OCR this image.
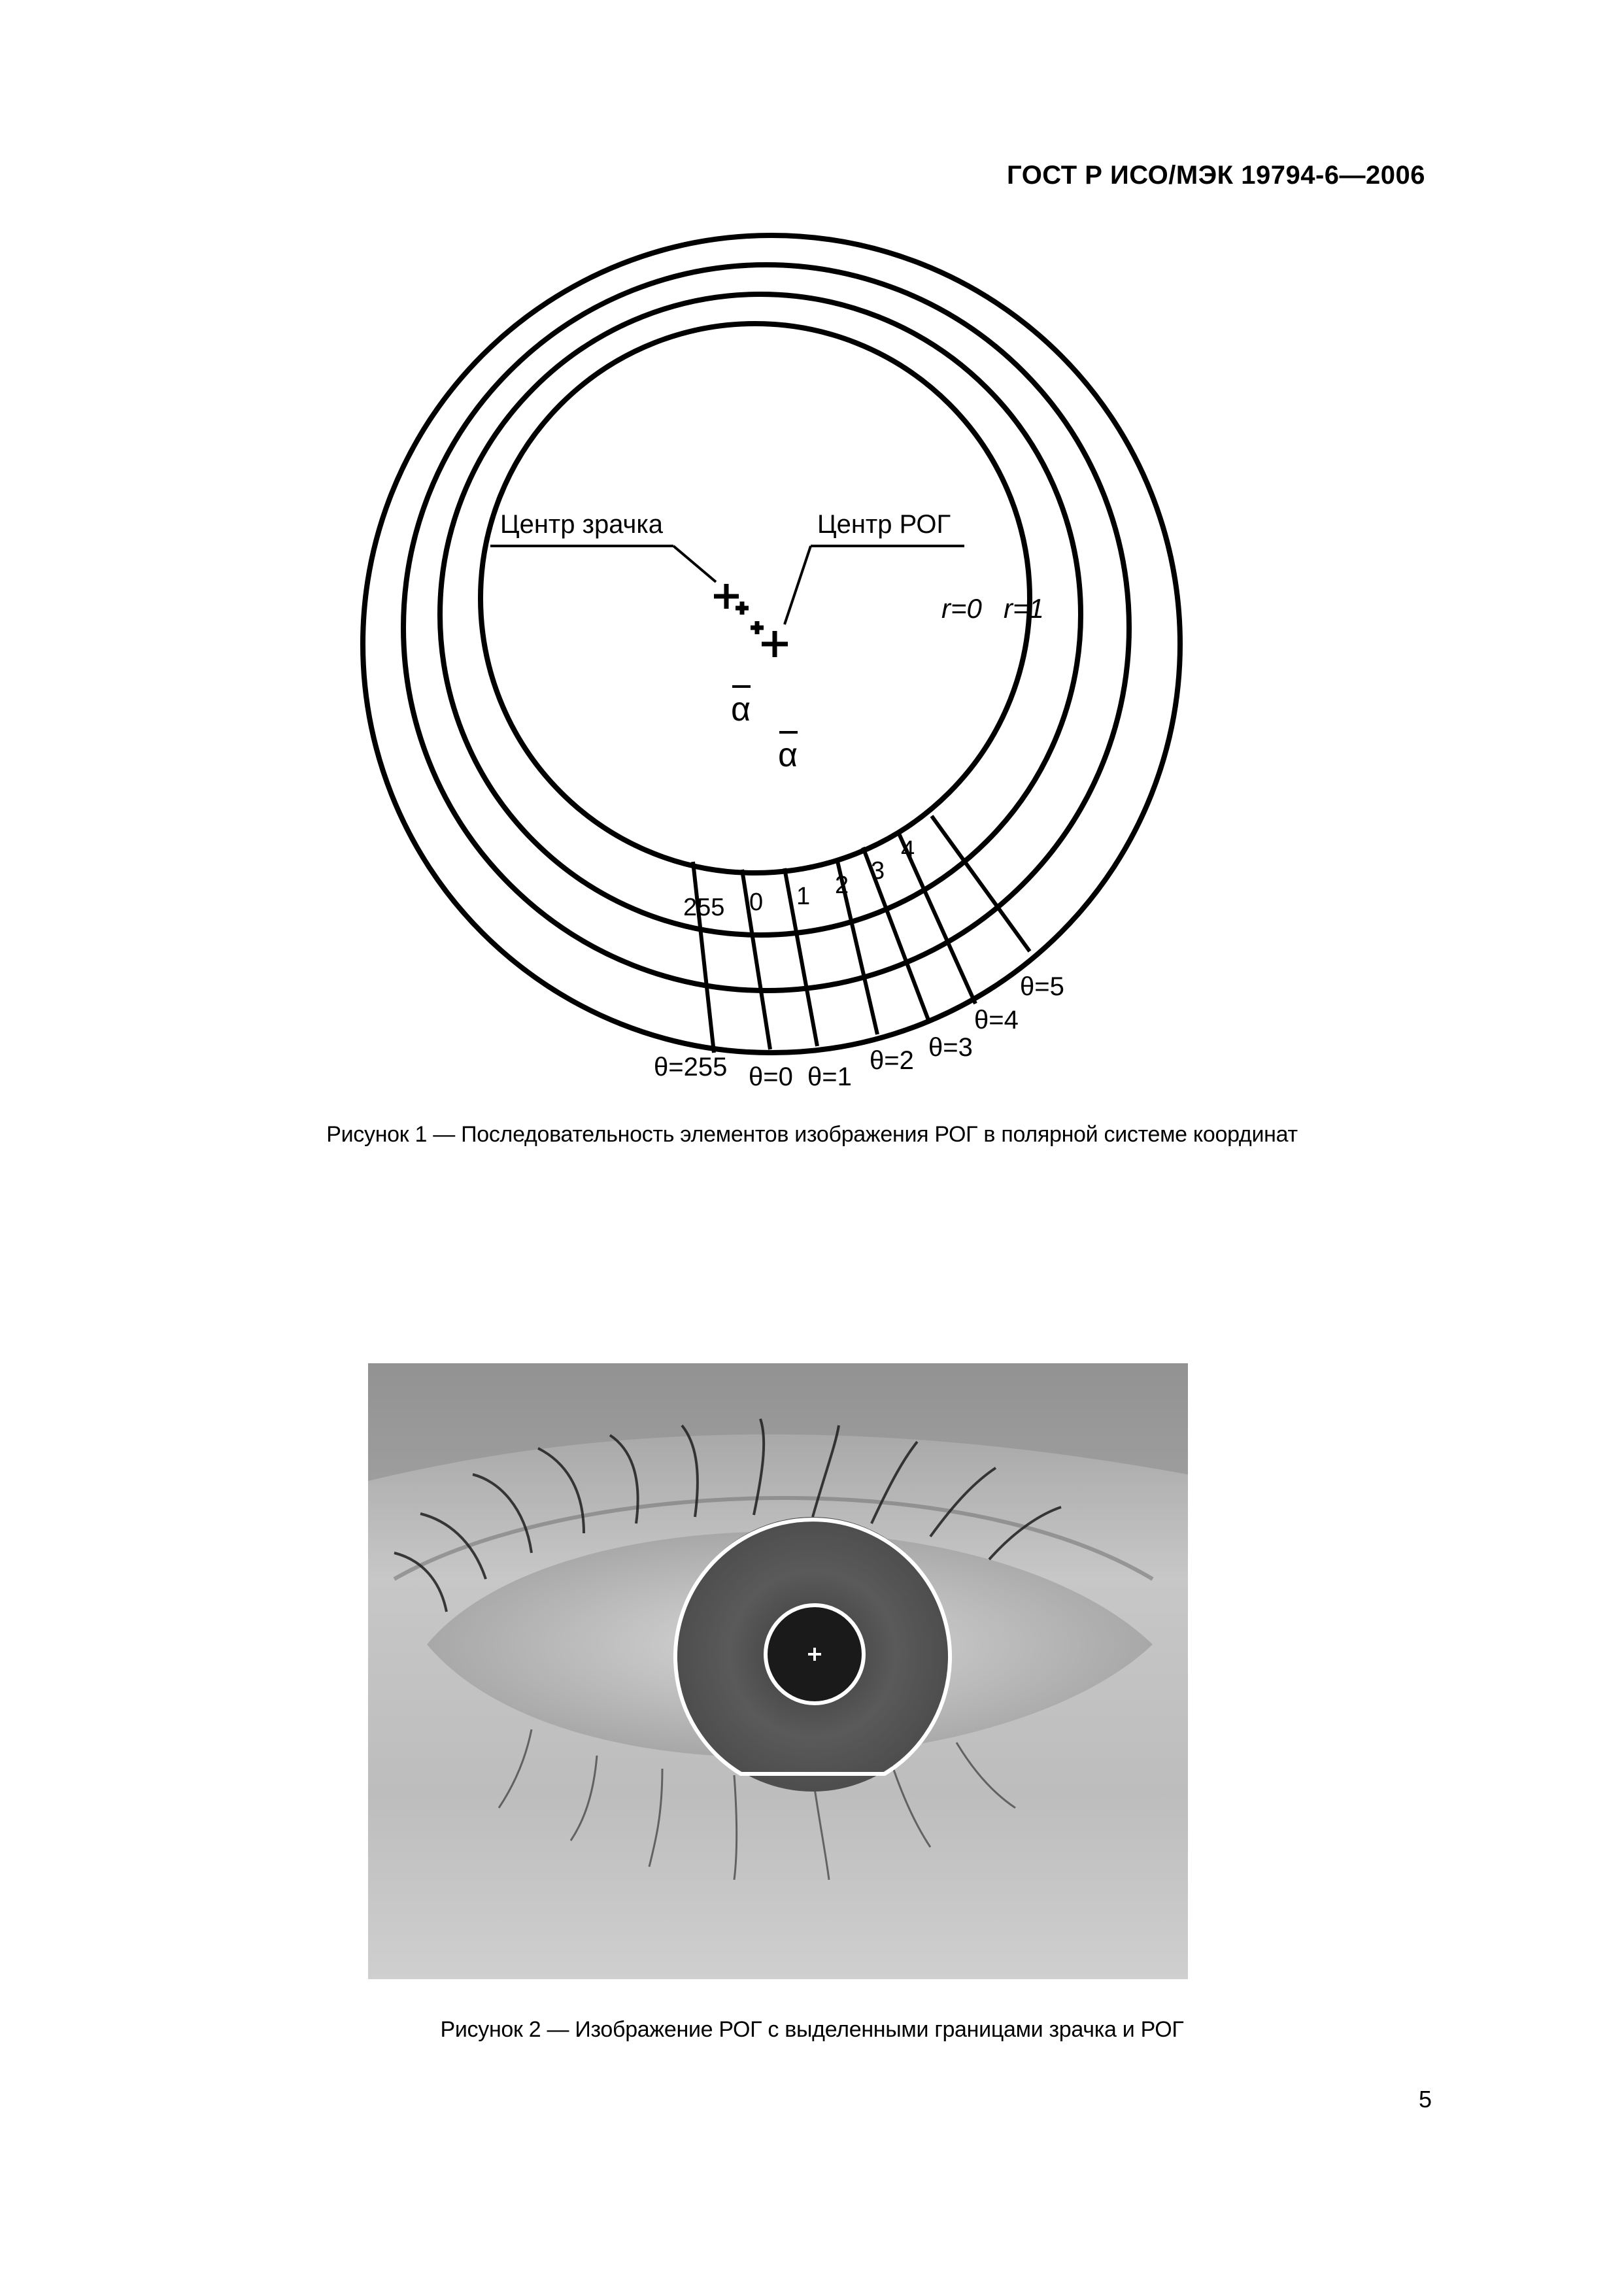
ГОСТ Р ИСО/МЭК 19794-6—2006
Центр зрачка	Центр РОГ
r=0 r=1
α
α
255 0 1 2
3
4
θ=255 θ=0 θ=1
θ=2 θ=3
θ=4
θ=5
Рисунок 1 — Последовательность элементов изображения РОГ в полярной системе координат
Рисунок 2 — Изображение РОГ с выделенными границами зрачка и РОГ
5
